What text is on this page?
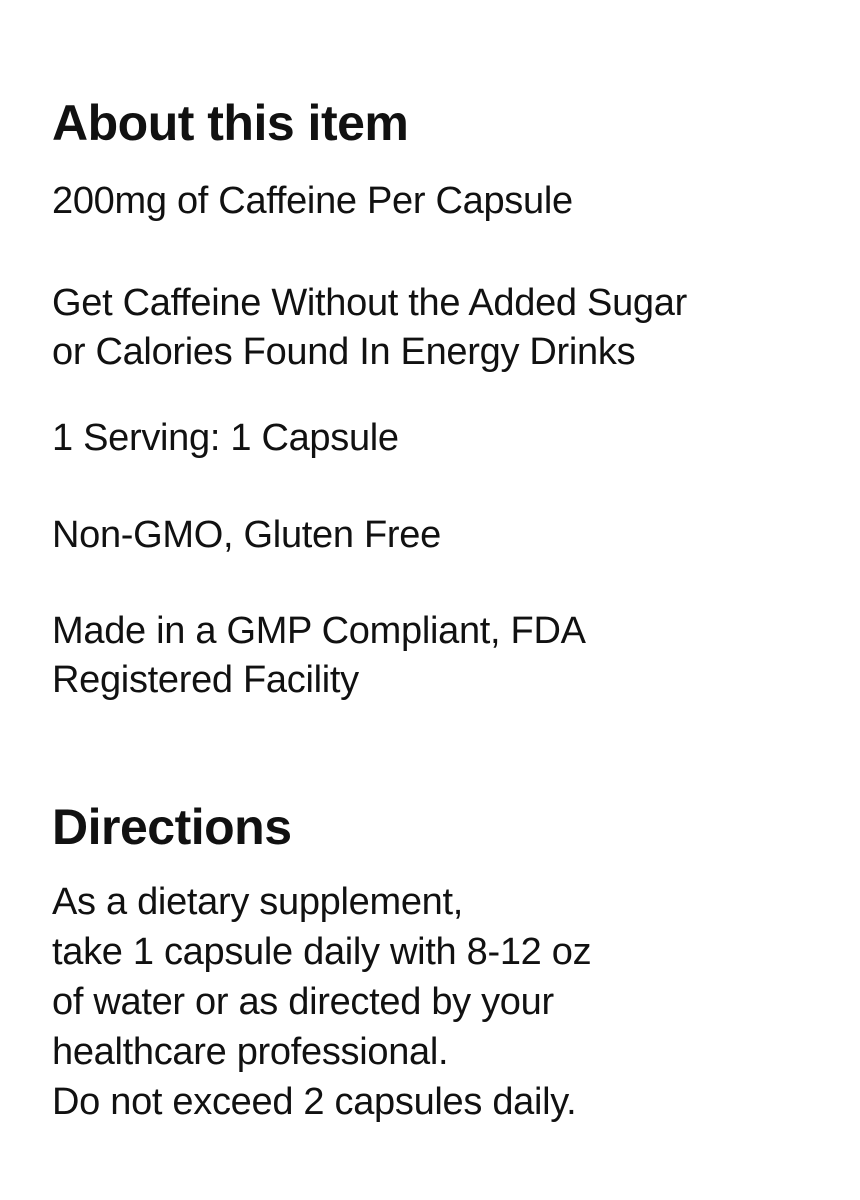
About this item
200mg of Caffeine Per Capsule
Get Caffeine Without the Added Sugar
or Calories Found In Energy Drinks
1 Serving: 1 Capsule
Non-GMO, Gluten Free
Made in a GMP Compliant, FDA
Registered Facility
Directions
As a dietary supplement,
take 1 capsule daily with 8-12 oz
of water or as directed by your
healthcare professional.
Do not exceed 2 capsules daily.
